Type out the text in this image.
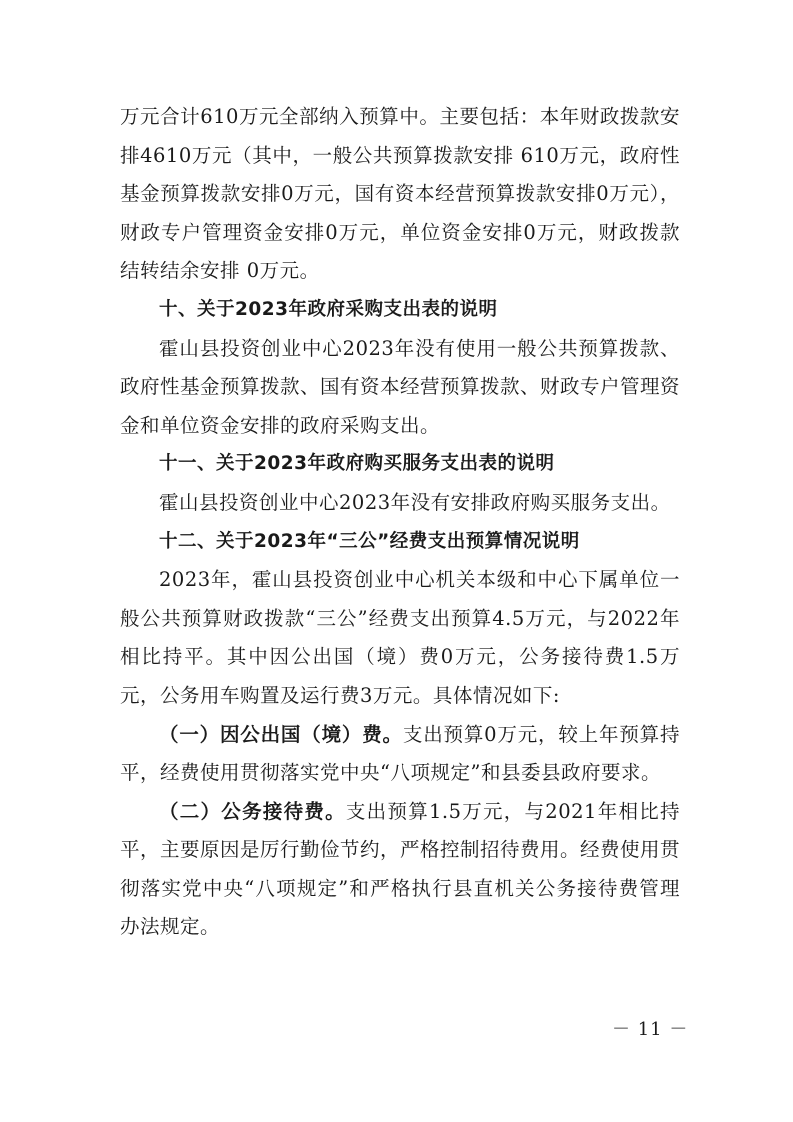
万元合计610万元全部纳入预算中。主要包括：本年财政拨款安排4610万元（其中，一般公共预算拨款安排 610万元，政府性基金预算拨款安排0万元，国有资本经营预算拨款安排0万元），财政专户管理资金安排0万元，单位资金安排0万元，财政拨款结转结余安排 0万元。

十、关于2023年政府采购支出表的说明

霍山县投资创业中心2023年没有使用一般公共预算拨款、政府性基金预算拨款、国有资本经营预算拨款、财政专户管理资金和单位资金安排的政府采购支出。

十一、关于2023年政府购买服务支出表的说明

霍山县投资创业中心2023年没有安排政府购买服务支出。

十二、关于2023年“三公”经费支出预算情况说明

2023年，霍山县投资创业中心机关本级和中心下属单位一般公共预算财政拨款“三公”经费支出预算4.5万元，与2022年相比持平。其中因公出国（境）费0万元，公务接待费1.5万元，公务用车购置及运行费3万元。具体情况如下:

（一）因公出国（境）费。支出预算0万元，较上年预算持平，经费使用贯彻落实党中央“八项规定”和县委县政府要求。

（二）公务接待费。支出预算1.5万元，与2021年相比持平，主要原因是厉行勤俭节约，严格控制招待费用。经费使用贯彻落实党中央“八项规定”和严格执行县直机关公务接待费管理办法规定。

－ 11 －
